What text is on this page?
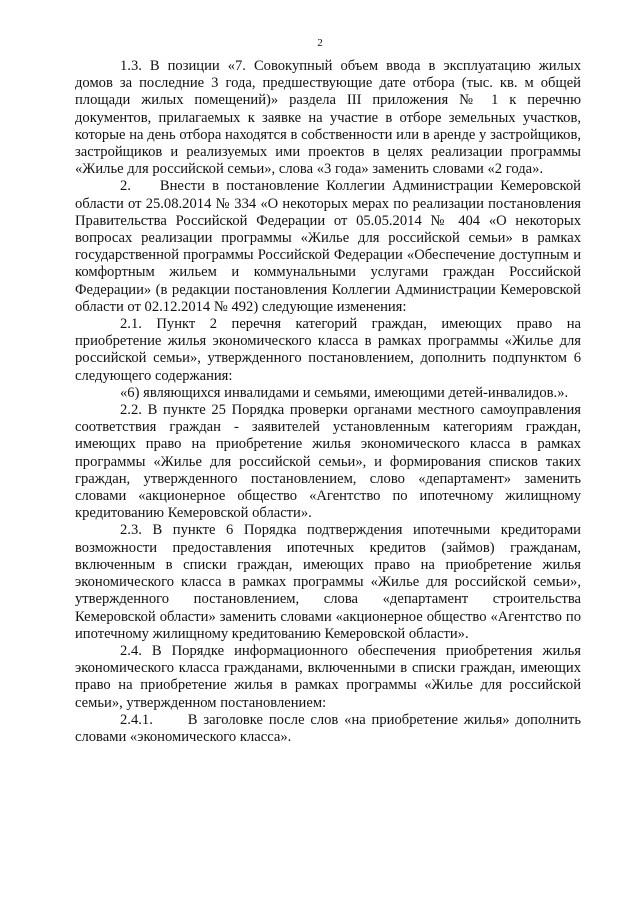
2

1.3. В позиции «7. Совокупный объем ввода в эксплуатацию жилых домов за последние 3 года, предшествующие дате отбора (тыс. кв. м общей площади жилых помещений)» раздела III приложения № 1 к перечню документов, прилагаемых к заявке на участие в отборе земельных участков, которые на день отбора находятся в собственности или в аренде у застройщиков, застройщиков и реализуемых ими проектов в целях реализации программы «Жилье для российской семьи», слова «3 года» заменить словами «2 года».

2.    Внести в постановление Коллегии Администрации Кемеровской области от 25.08.2014 № 334 «О некоторых мерах по реализации постановления Правительства Российской Федерации от 05.05.2014 № 404 «О некоторых вопросах реализации программы «Жилье для российской семьи» в рамках государственной программы Российской Федерации «Обеспечение доступным и комфортным жильем и коммунальными услугами граждан Российской Федерации» (в редакции постановления Коллегии Администрации Кемеровской области от 02.12.2014 № 492) следующие изменения:

2.1. Пункт 2 перечня категорий граждан, имеющих право на приобретение жилья экономического класса в рамках программы «Жилье для российской семьи», утвержденного постановлением, дополнить подпунктом 6 следующего содержания:

«6) являющихся инвалидами и семьями, имеющими детей-инвалидов.».

2.2. В пункте 25 Порядка проверки органами местного самоуправления соответствия граждан - заявителей установленным категориям граждан, имеющих право на приобретение жилья экономического класса в рамках программы «Жилье для российской семьи», и формирования списков таких граждан, утвержденного постановлением, слово «департамент» заменить словами «акционерное общество «Агентство по ипотечному жилищному кредитованию Кемеровской области».

2.3. В пункте 6 Порядка подтверждения ипотечными кредиторами возможности предоставления ипотечных кредитов (займов) гражданам, включенным в списки граждан, имеющих право на приобретение жилья экономического класса в рамках программы «Жилье для российской семьи», утвержденного постановлением, слова «департамент строительства Кемеровской области» заменить словами «акционерное общество «Агентство по ипотечному жилищному кредитованию Кемеровской области».

2.4. В Порядке информационного обеспечения приобретения жилья экономического класса гражданами, включенными в списки граждан, имеющих право на приобретение жилья в рамках программы «Жилье для российской семьи», утвержденном постановлением:

2.4.1.      В заголовке после слов «на приобретение жилья» дополнить словами «экономического класса».
